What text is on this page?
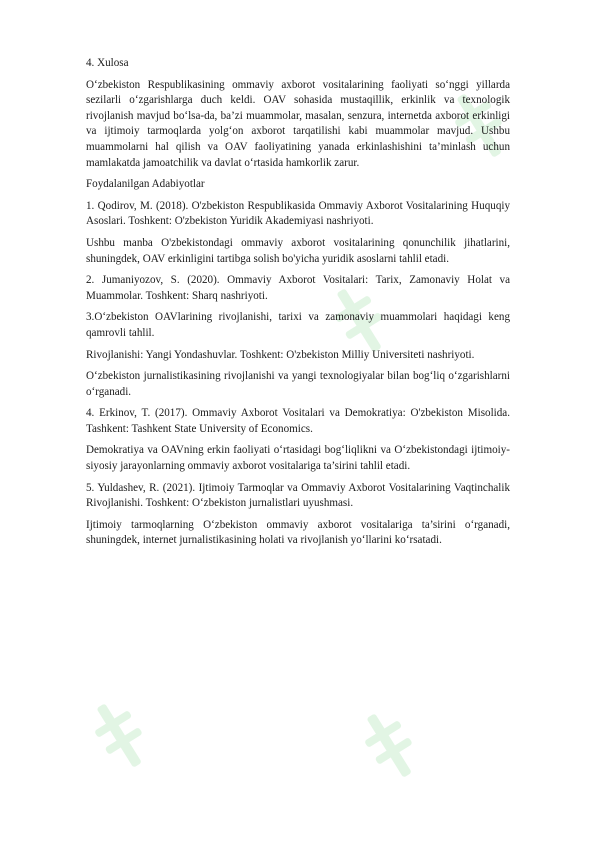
4. Xulosa

O‘zbekiston Respublikasining ommaviy axborot vositalarining faoliyati so‘nggi yillarda sezilarli o‘zgarishlarga duch keldi. OAV sohasida mustaqillik, erkinlik va texnologik rivojlanish mavjud bo‘lsa-da, ba’zi muammolar, masalan, senzura, internetda axborot erkinligi va ijtimoiy tarmoqlarda yolg‘on axborot tarqatilishi kabi muammolar mavjud. Ushbu muammolarni hal qilish va OAV faoliyatining yanada erkinlashishini ta’minlash uchun mamlakatda jamoatchilik va davlat o‘rtasida hamkorlik zarur.

Foydalanilgan Adabiyotlar

1. Qodirov, M. (2018). O'zbekiston Respublikasida Ommaviy Axborot Vositalarining Huquqiy Asoslari. Toshkent: O'zbekiston Yuridik Akademiyasi nashriyoti.

Ushbu manba O'zbekistondagi ommaviy axborot vositalarining qonunchilik jihatlarini, shuningdek, OAV erkinligini tartibga solish bo'yicha yuridik asoslarni tahlil etadi.

2. Jumaniyozov, S. (2020). Ommaviy Axborot Vositalari: Tarix, Zamonaviy Holat va Muammolar. Toshkent: Sharq nashriyoti.

3.O‘zbekiston OAVlarining rivojlanishi, tarixi va zamonaviy muammolari haqidagi keng qamrovli tahlil.

Rivojlanishi: Yangi Yondashuvlar. Toshkent: O'zbekiston Milliy Universiteti nashriyoti.

O‘zbekiston jurnalistikasining rivojlanishi va yangi texnologiyalar bilan bog‘liq o‘zgarishlarni o‘rganadi.

4. Erkinov, T. (2017). Ommaviy Axborot Vositalari va Demokratiya: O'zbekiston Misolida. Tashkent: Tashkent State University of Economics.

Demokratiya va OAVning erkin faoliyati o‘rtasidagi bog‘liqlikni va O‘zbekistondagi ijtimoiy-siyosiy jarayonlarning ommaviy axborot vositalariga ta’sirini tahlil etadi.

5. Yuldashev, R. (2021). Ijtimoiy Tarmoqlar va Ommaviy Axborot Vositalarining Vaqtinchalik Rivojlanishi. Toshkent: O‘zbekiston jurnalistlari uyushmasi.

Ijtimoiy tarmoqlarning O‘zbekiston ommaviy axborot vositalariga ta’sirini o‘rganadi, shuningdek, internet jurnalistikasining holati va rivojlanish yo‘llarini ko‘rsatadi.
